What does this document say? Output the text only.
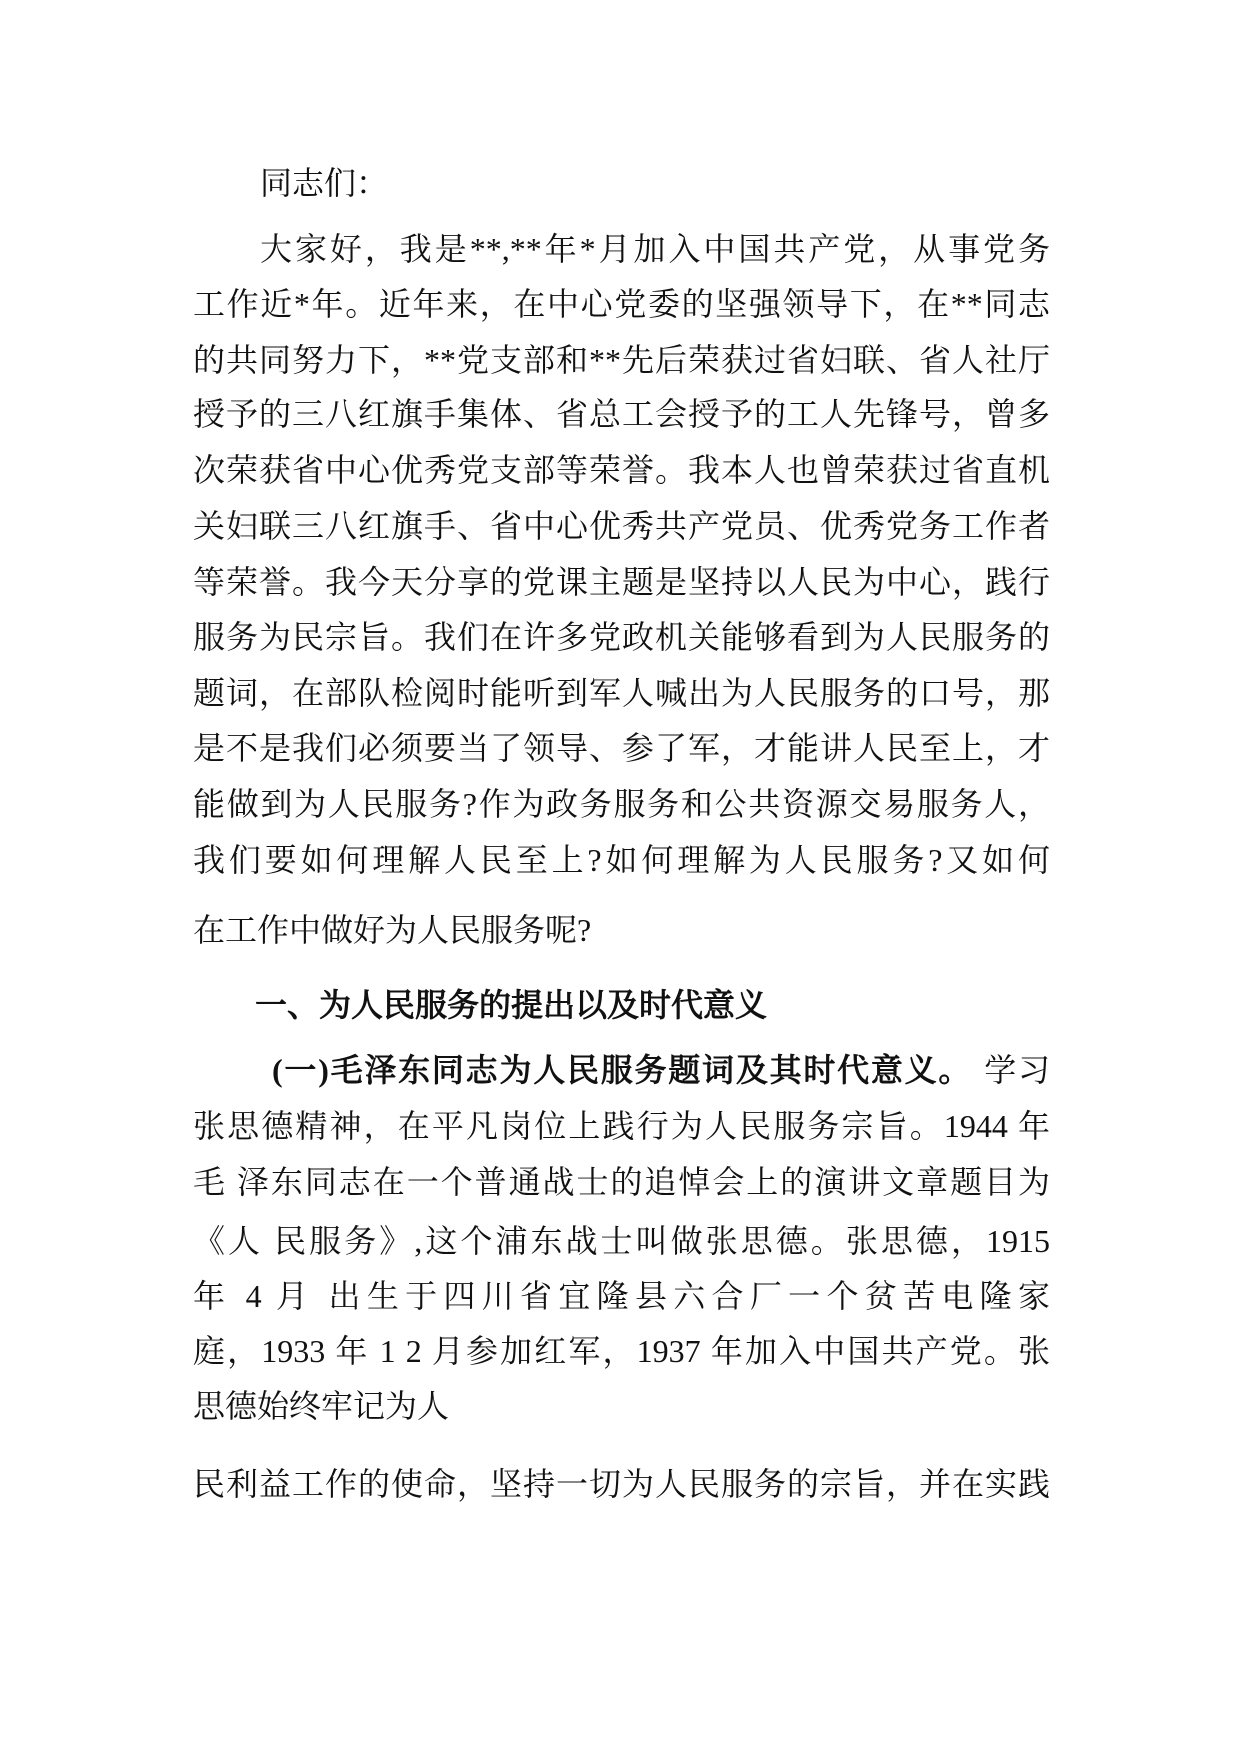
同志们：
大家好，我是**,**年*月加入中国共产党，从事党务
工作近*年。近年来，在中心党委的坚强领导下，在**同志
的共同努力下，**党支部和**先后荣获过省妇联、省人社厅
授予的三八红旗手集体、省总工会授予的工人先锋号，曾多
次荣获省中心优秀党支部等荣誉。我本人也曾荣获过省直机
关妇联三八红旗手、省中心优秀共产党员、优秀党务工作者
等荣誉。我今天分享的党课主题是坚持以人民为中心，践行
服务为民宗旨。我们在许多党政机关能够看到为人民服务的
题词，在部队检阅时能听到军人喊出为人民服务的口号，那
是不是我们必须要当了领导、参了军，才能讲人民至上，才
能做到为人民服务?作为政务服务和公共资源交易服务人，
我们要如何理解人民至上?如何理解为人民服务?又如何
在工作中做好为人民服务呢?
一、为人民服务的提出以及时代意义
(一)毛泽东同志为人民服务题词及其时代意义。 学习
张思德精神，在平凡岗位上践行为人民服务宗旨。1944 年
毛 泽东同志在一个普通战士的追悼会上的演讲文章题目为
《人 民服务》,这个浦东战士叫做张思德。张思德，1915
年 4 月 出生于四川省宜隆县六合厂一个贫苦电隆家
庭，1933 年 1 2 月参加红军，1937 年加入中国共产党。张
思德始终牢记为人
民利益工作的使命，坚持一切为人民服务的宗旨，并在实践
